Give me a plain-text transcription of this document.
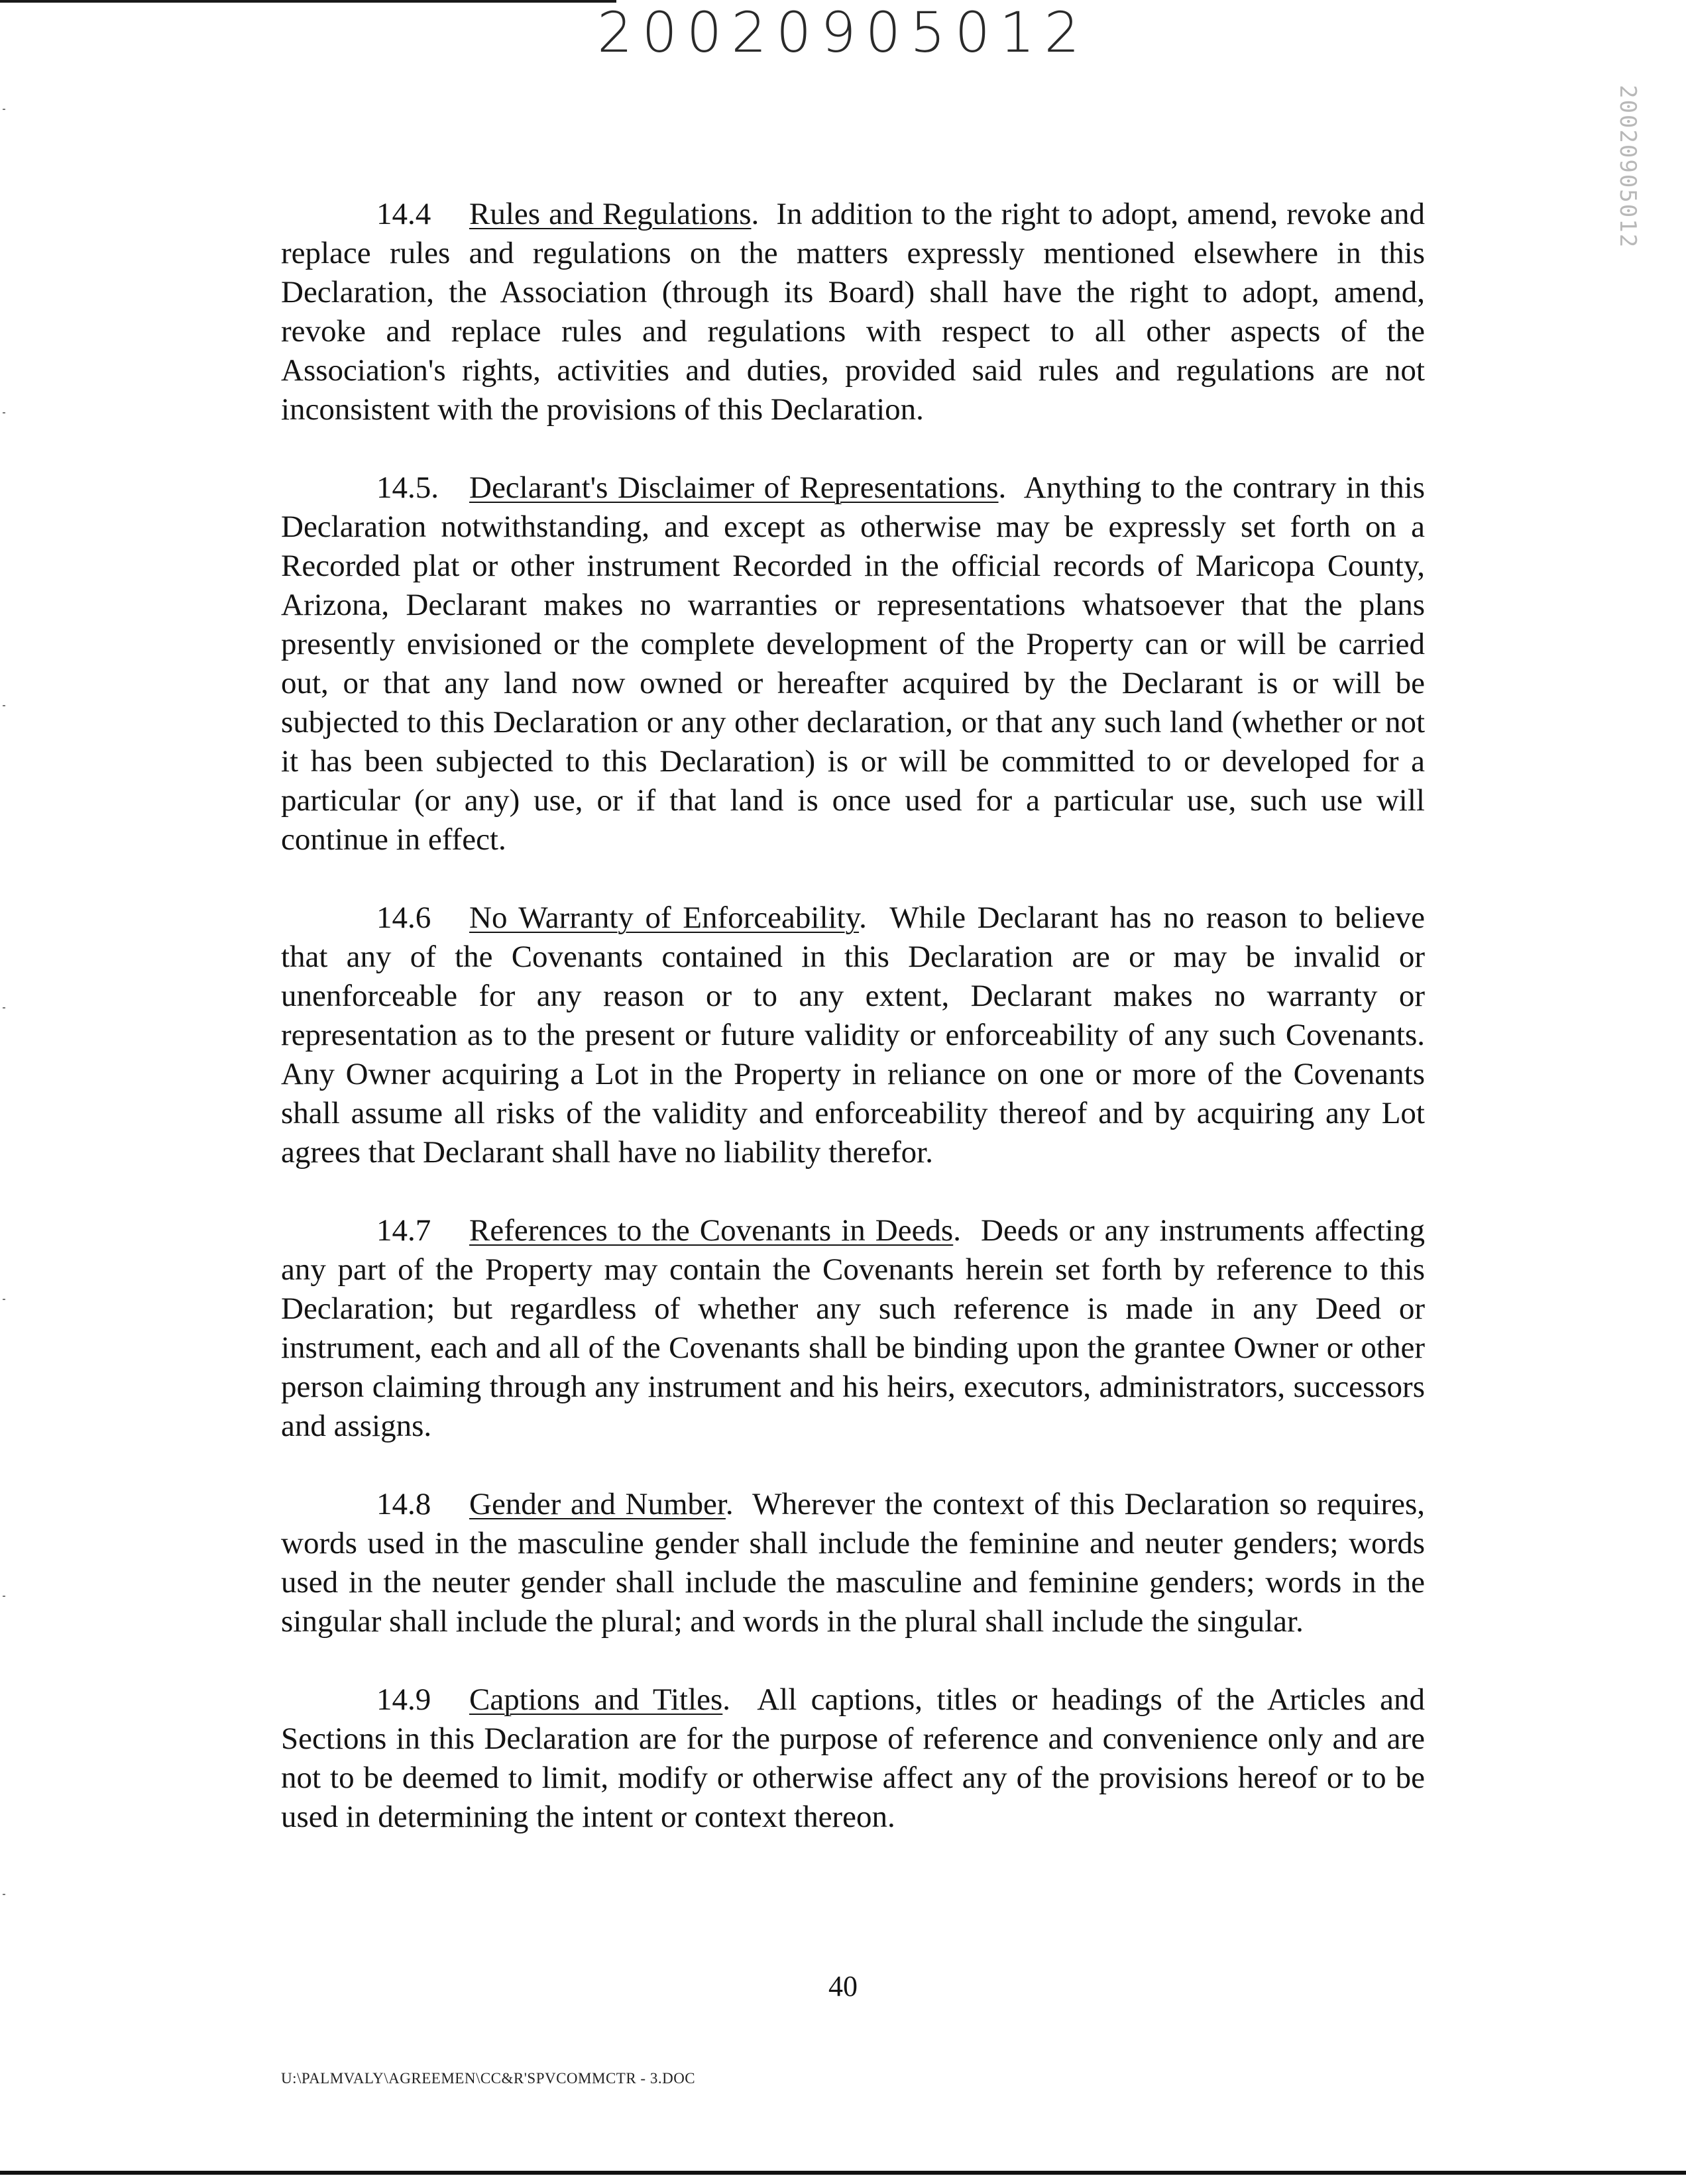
20020905012
20020905012

14.4 Rules and Regulations.  In addition to the right to adopt, amend, revoke and replace rules and regulations on the matters expressly mentioned elsewhere in this Declaration, the Association (through its Board) shall have the right to adopt, amend, revoke and replace rules and regulations with respect to all other aspects of the Association's rights, activities and duties, provided said rules and regulations are not inconsistent with the provisions of this Declaration.

14.5. Declarant's Disclaimer of Representations.  Anything to the contrary in this Declaration notwithstanding, and except as otherwise may be expressly set forth on a Recorded plat or other instrument Recorded in the official records of Maricopa County, Arizona, Declarant makes no warranties or representations whatsoever that the plans presently envisioned or the complete development of the Property can or will be carried out, or that any land now owned or hereafter acquired by the Declarant is or will be subjected to this Declaration or any other declaration, or that any such land (whether or not it has been subjected to this Declaration) is or will be committed to or developed for a particular (or any) use, or if that land is once used for a particular use, such use will continue in effect.

14.6 No Warranty of Enforceability.  While Declarant has no reason to believe that any of the Covenants contained in this Declaration are or may be invalid or unenforceable for any reason or to any extent, Declarant makes no warranty or representation as to the present or future validity or enforceability of any such Covenants. Any Owner acquiring a Lot in the Property in reliance on one or more of the Covenants shall assume all risks of the validity and enforceability thereof and by acquiring any Lot agrees that Declarant shall have no liability therefor.

14.7 References to the Covenants in Deeds.  Deeds or any instruments affecting any part of the Property may contain the Covenants herein set forth by reference to this Declaration; but regardless of whether any such reference is made in any Deed or instrument, each and all of the Covenants shall be binding upon the grantee Owner or other person claiming through any instrument and his heirs, executors, administrators, successors and assigns.

14.8 Gender and Number.  Wherever the context of this Declaration so requires, words used in the masculine gender shall include the feminine and neuter genders; words used in the neuter gender shall include the masculine and feminine genders; words in the singular shall include the plural; and words in the plural shall include the singular.

14.9 Captions and Titles.  All captions, titles or headings of the Articles and Sections in this Declaration are for the purpose of reference and convenience only and are not to be deemed to limit, modify or otherwise affect any of the provisions hereof or to be used in determining the intent or context thereon.

40
U:\PALMVALY\AGREEMEN\CC&R'SPVCOMMCTR - 3.DOC
